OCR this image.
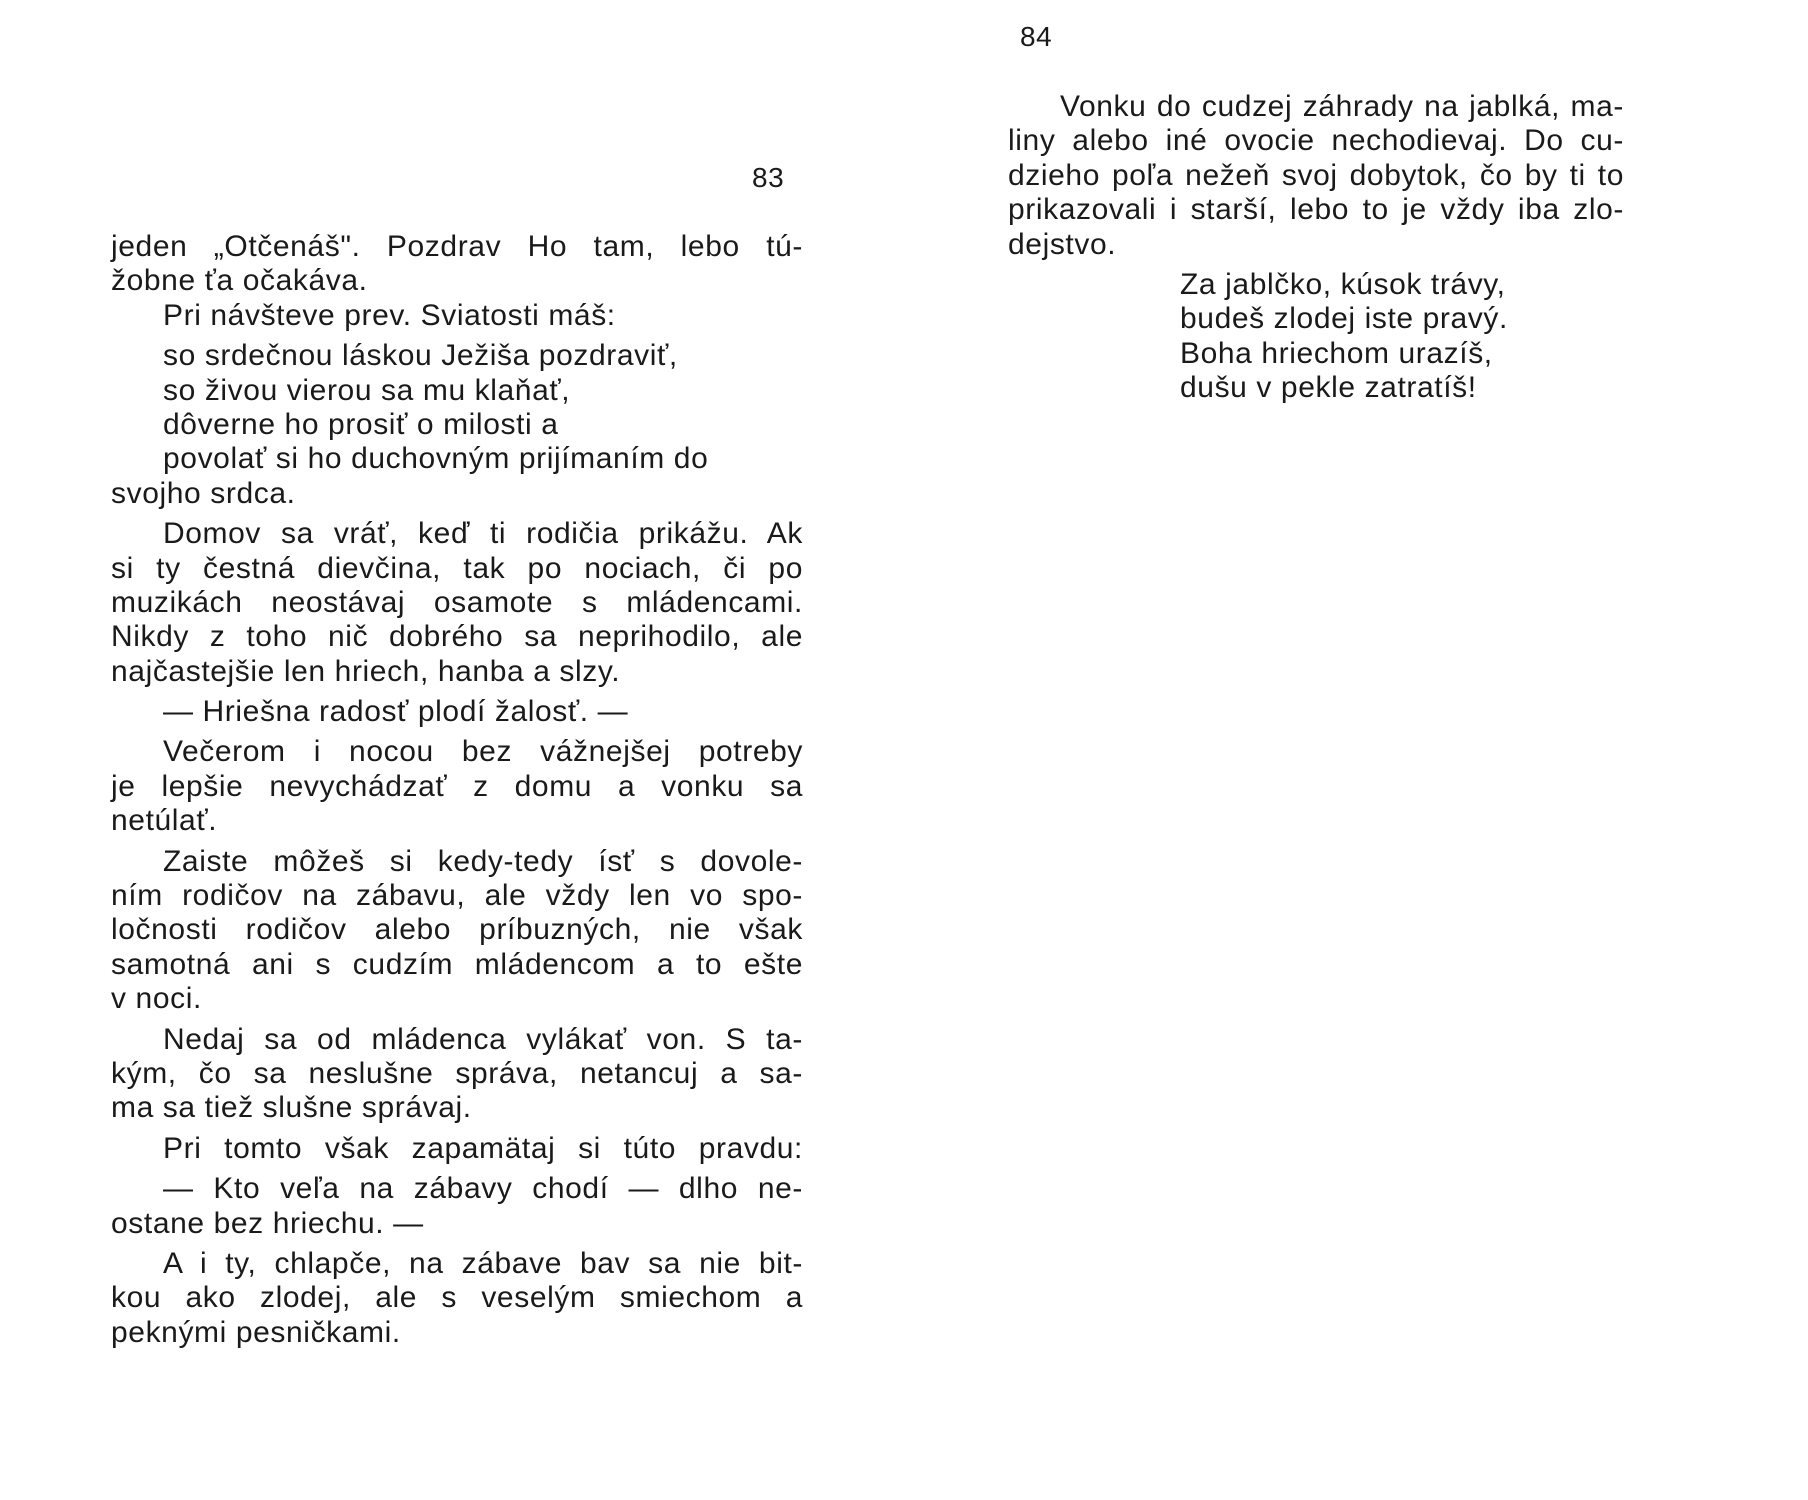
83
jeden „Otčenáš". Pozdrav Ho tam, lebo tú-
žobne ťa očakáva.
Pri návšteve prev. Sviatosti máš:
so srdečnou láskou Ježiša pozdraviť,
so živou vierou sa mu klaňať,
dôverne ho prosiť o milosti a
povolať si ho duchovným prijímaním do
svojho srdca.
Domov sa vráť, keď ti rodičia prikážu. Ak
si ty čestná dievčina, tak po nociach, či po
muzikách neostávaj osamote s mládencami.
Nikdy z toho nič dobrého sa neprihodilo, ale
najčastejšie len hriech, hanba a slzy.
— Hriešna radosť plodí žalosť. —
Večerom i nocou bez vážnejšej potreby
je lepšie nevychádzať z domu a vonku sa
netúlať.
Zaiste môžeš si kedy-tedy ísť s dovole-
ním rodičov na zábavu, ale vždy len vo spo-
ločnosti rodičov alebo príbuzných, nie však
samotná ani s cudzím mládencom a to ešte
v noci.
Nedaj sa od mládenca vylákať von. S ta-
kým, čo sa neslušne správa, netancuj a sa-
ma sa tiež slušne správaj.
Pri tomto však zapamätaj si túto pravdu:
— Kto veľa na zábavy chodí — dlho ne-
ostane bez hriechu. —
A i ty, chlapče, na zábave bav sa nie bit-
kou ako zlodej, ale s veselým smiechom a
peknými pesničkami.
84
Vonku do cudzej záhrady na jablká, ma-
liny alebo iné ovocie nechodievaj. Do cu-
dzieho poľa nežeň svoj dobytok, čo by ti to
prikazovali i starší, lebo to je vždy iba zlo-
dejstvo.
Za jablčko, kúsok trávy,
budeš zlodej iste pravý.
Boha hriechom urazíš,
dušu v pekle zatratíš!
